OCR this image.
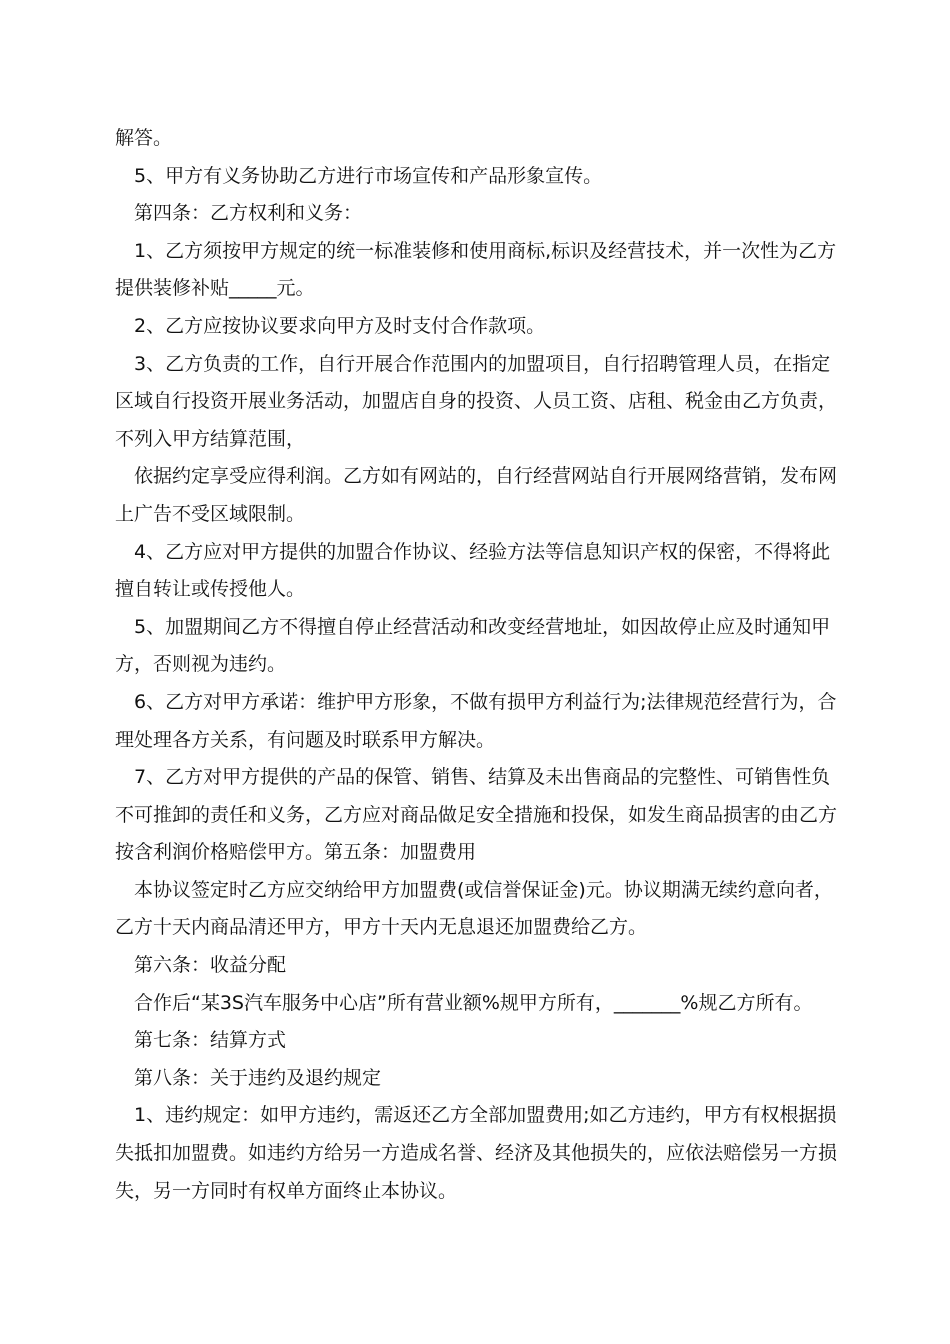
解答。

5、甲方有义务协助乙方进行市场宣传和产品形象宣传。

第四条：乙方权利和义务：

1、乙方须按甲方规定的统一标准装修和使用商标,标识及经营技术，并一次性为乙方提供装修补贴_____元。

2、乙方应按协议要求向甲方及时支付合作款项。

3、乙方负责的工作，自行开展合作范围内的加盟项目，自行招聘管理人员，在指定区域自行投资开展业务活动，加盟店自身的投资、人员工资、店租、税金由乙方负责，不列入甲方结算范围，

依据约定享受应得利润。乙方如有网站的，自行经营网站自行开展网络营销，发布网上广告不受区域限制。

4、乙方应对甲方提供的加盟合作协议、经验方法等信息知识产权的保密，不得将此擅自转让或传授他人。

5、加盟期间乙方不得擅自停止经营活动和改变经营地址，如因故停止应及时通知甲方，否则视为违约。

6、乙方对甲方承诺：维护甲方形象，不做有损甲方利益行为;法律规范经营行为，合理处理各方关系，有问题及时联系甲方解决。

7、乙方对甲方提供的产品的保管、销售、结算及未出售商品的完整性、可销售性负不可推卸的责任和义务，乙方应对商品做足安全措施和投保，如发生商品损害的由乙方按含利润价格赔偿甲方。第五条：加盟费用

本协议签定时乙方应交纳给甲方加盟费(或信誉保证金)元。协议期满无续约意向者，乙方十天内商品清还甲方，甲方十天内无息退还加盟费给乙方。

第六条：收益分配

合作后“某3S汽车服务中心店”所有营业额%规甲方所有，_______%规乙方所有。

第七条：结算方式

第八条：关于违约及退约规定

1、违约规定：如甲方违约，需返还乙方全部加盟费用;如乙方违约，甲方有权根据损失抵扣加盟费。如违约方给另一方造成名誉、经济及其他损失的，应依法赔偿另一方损失，另一方同时有权单方面终止本协议。
